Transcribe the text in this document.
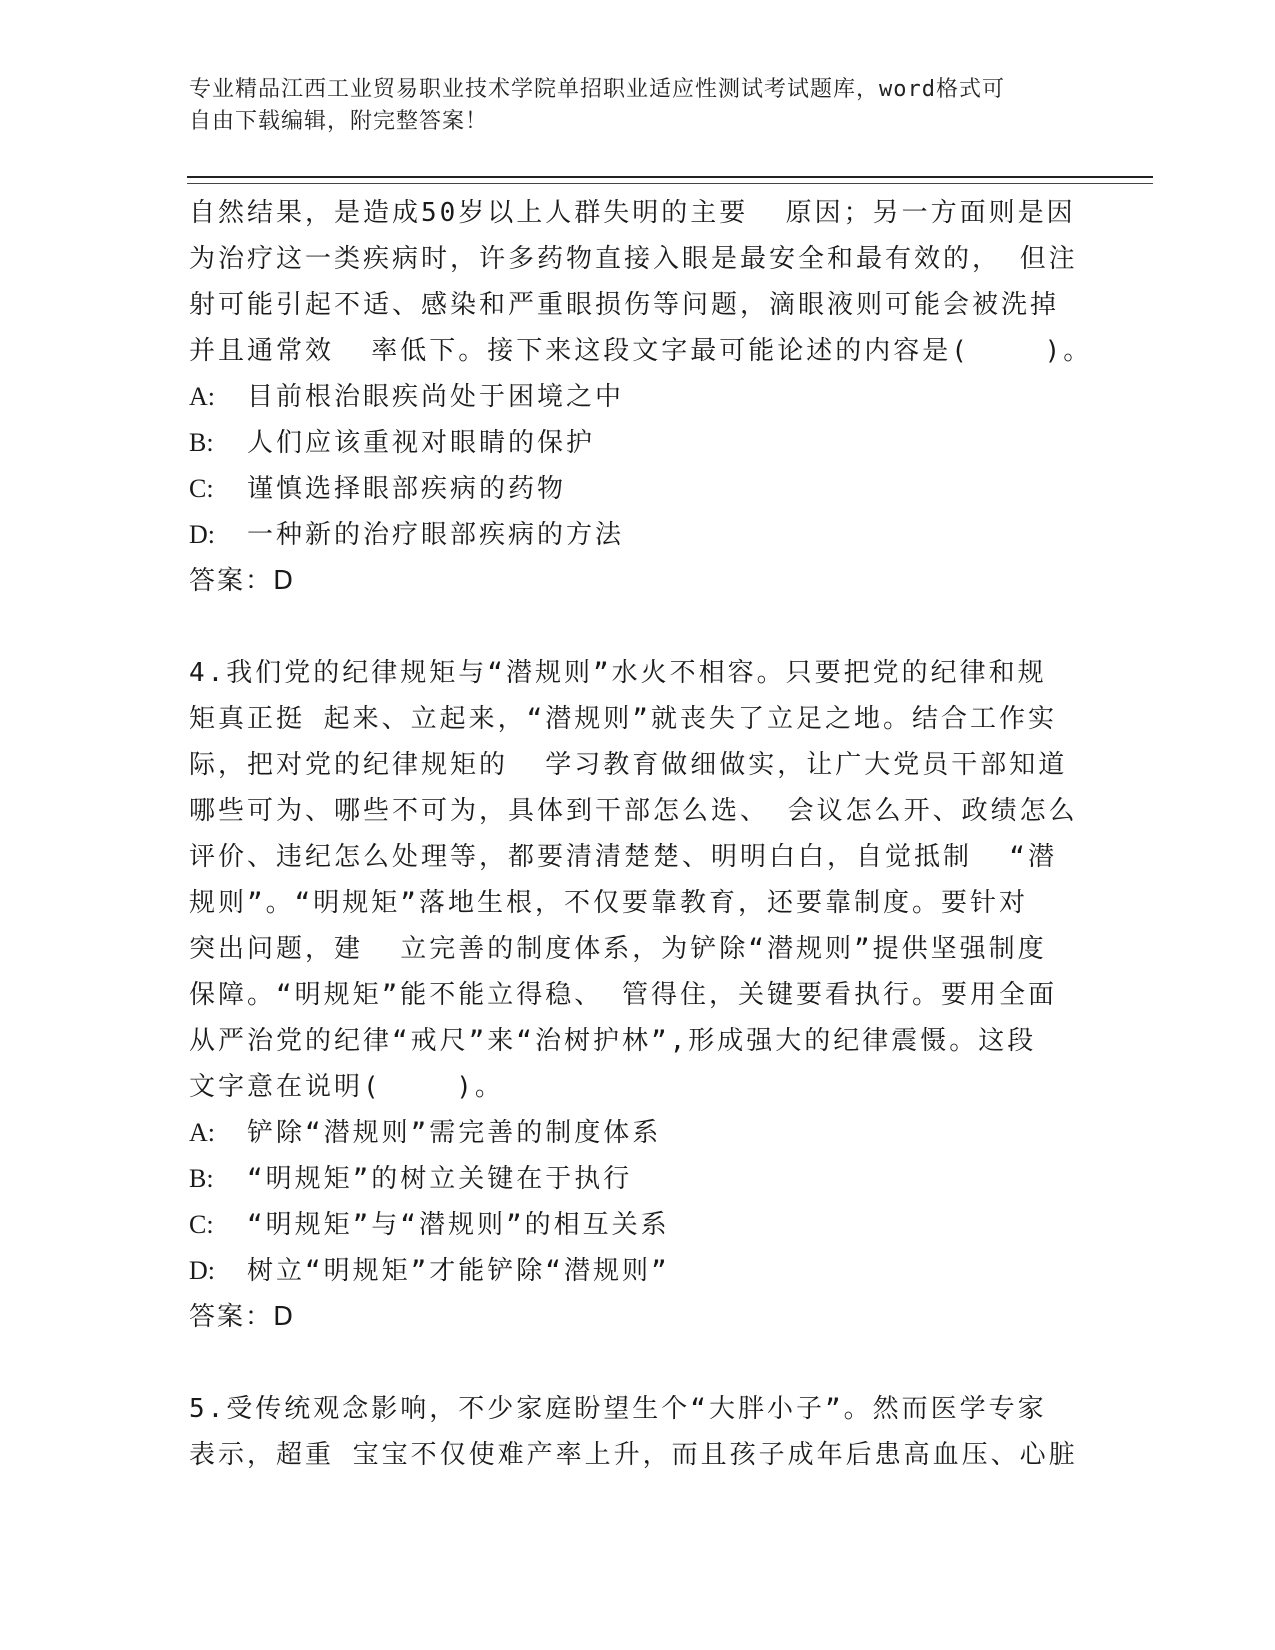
专业精品江西工业贸易职业技术学院单招职业适应性测试考试题库，word格式可
自由下载编辑，附完整答案！
自然结果，是造成50岁以上人群失明的主要  原因；另一方面则是因
为治疗这一类疾病时，许多药物直接入眼是最安全和最有效的， 但注
射可能引起不适、感染和严重眼损伤等问题，滴眼液则可能会被洗掉
并且通常效  率低下。接下来这段文字最可能论述的内容是(    )。
A: 目前根治眼疾尚处于困境之中
B: 人们应该重视对眼睛的保护
C: 谨慎选择眼部疾病的药物
D: 一种新的治疗眼部疾病的方法
答案：D
4.我们党的纪律规矩与“潜规则”水火不相容。只要把党的纪律和规
矩真正挺 起来、立起来，“潜规则”就丧失了立足之地。结合工作实
际，把对党的纪律规矩的  学习教育做细做实，让广大党员干部知道
哪些可为、哪些不可为，具体到干部怎么选、 会议怎么开、政绩怎么
评价、违纪怎么处理等，都要清清楚楚、明明白白，自觉抵制  “潜
规则”。“明规矩”落地生根，不仅要靠教育，还要靠制度。要针对
突出问题，建  立完善的制度体系，为铲除“潜规则”提供坚强制度
保障。“明规矩”能不能立得稳、 管得住，关键要看执行。要用全面
从严治党的纪律“戒尺”来“治树护林”,形成强大的纪律震慑。这段
文字意在说明(    )。
A: 铲除“潜规则”需完善的制度体系
B: “明规矩”的树立关键在于执行
C: “明规矩”与“潜规则”的相互关系
D: 树立“明规矩”才能铲除“潜规则”
答案：D
5.受传统观念影响，不少家庭盼望生个“大胖小子”。然而医学专家
表示，超重 宝宝不仅使难产率上升，而且孩子成年后患高血压、心脏
